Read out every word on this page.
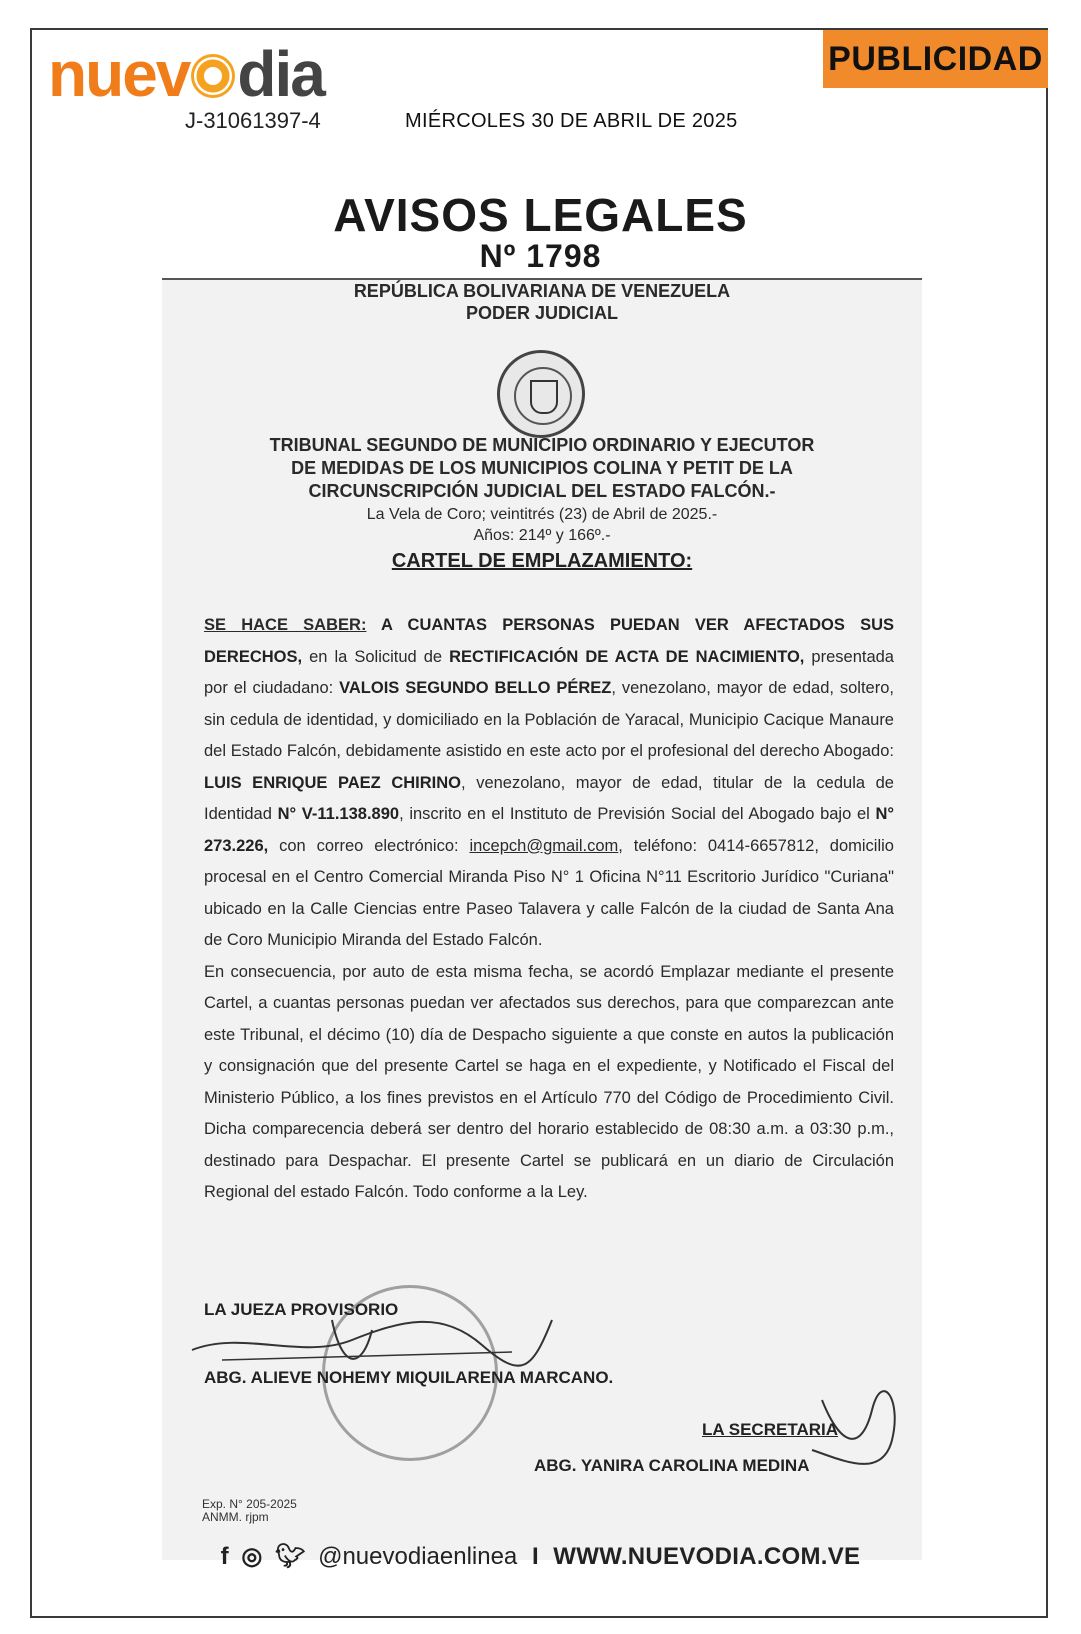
nuev dia
J-31061397-4	MIÉRCOLES 30 DE ABRIL DE 2025
PUBLICIDAD
AVISOS LEGALES
Nº 1798
REPÚBLICA BOLIVARIANA DE VENEZUELA
PODER JUDICIAL
TRIBUNAL SEGUNDO DE MUNICIPIO ORDINARIO Y EJECUTOR
DE MEDIDAS DE LOS MUNICIPIOS COLINA Y PETIT DE LA
CIRCUNSCRIPCIÓN JUDICIAL DEL ESTADO FALCÓN.-
La Vela de Coro; veintitrés (23) de Abril de 2025.-
Años: 214º y 166º.-
CARTEL DE EMPLAZAMIENTO:

SE HACE SABER: A CUANTAS PERSONAS PUEDAN VER AFECTADOS SUS DERECHOS, en la Solicitud de RECTIFICACIÓN DE ACTA DE NACIMIENTO, presentada por el ciudadano: VALOIS SEGUNDO BELLO PÉREZ, venezolano, mayor de edad, soltero, sin cedula de identidad, y domiciliado en la Población de Yaracal, Municipio Cacique Manaure del Estado Falcón, debidamente asistido en este acto por el profesional del derecho Abogado: LUIS ENRIQUE PAEZ CHIRINO, venezolano, mayor de edad, titular de la cedula de Identidad N° V-11.138.890, inscrito en el Instituto de Previsión Social del Abogado bajo el N° 273.226, con correo electrónico: incepch@gmail.com, teléfono: 0414-6657812, domicilio procesal en el Centro Comercial Miranda Piso N° 1 Oficina N°11 Escritorio Jurídico "Curiana" ubicado en la Calle Ciencias entre Paseo Talavera y calle Falcón de la ciudad de Santa Ana de Coro Municipio Miranda del Estado Falcón.

En consecuencia, por auto de esta misma fecha, se acordó Emplazar mediante el presente Cartel, a cuantas personas puedan ver afectados sus derechos, para que comparezcan ante este Tribunal, el décimo (10) día de Despacho siguiente a que conste en autos la publicación y consignación que del presente Cartel se haga en el expediente, y Notificado el Fiscal del Ministerio Público, a los fines previstos en el Artículo 770 del Código de Procedimiento Civil. Dicha comparecencia deberá ser dentro del horario establecido de 08:30 a.m. a 03:30 p.m., destinado para Despachar. El presente Cartel se publicará en un diario de Circulación Regional del estado Falcón. Todo conforme a la Ley.

LA JUEZA PROVISORIO
ABG. ALIEVE NOHEMY MIQUILARENA MARCANO.
LA SECRETARIA
ABG. YANIRA CAROLINA MEDINA
Exp. N° 205-2025
ANMM. rjpm
f ◎ 🐦︎ @nuevodiaenlinea I WWW.NUEVODIA.COM.VE
